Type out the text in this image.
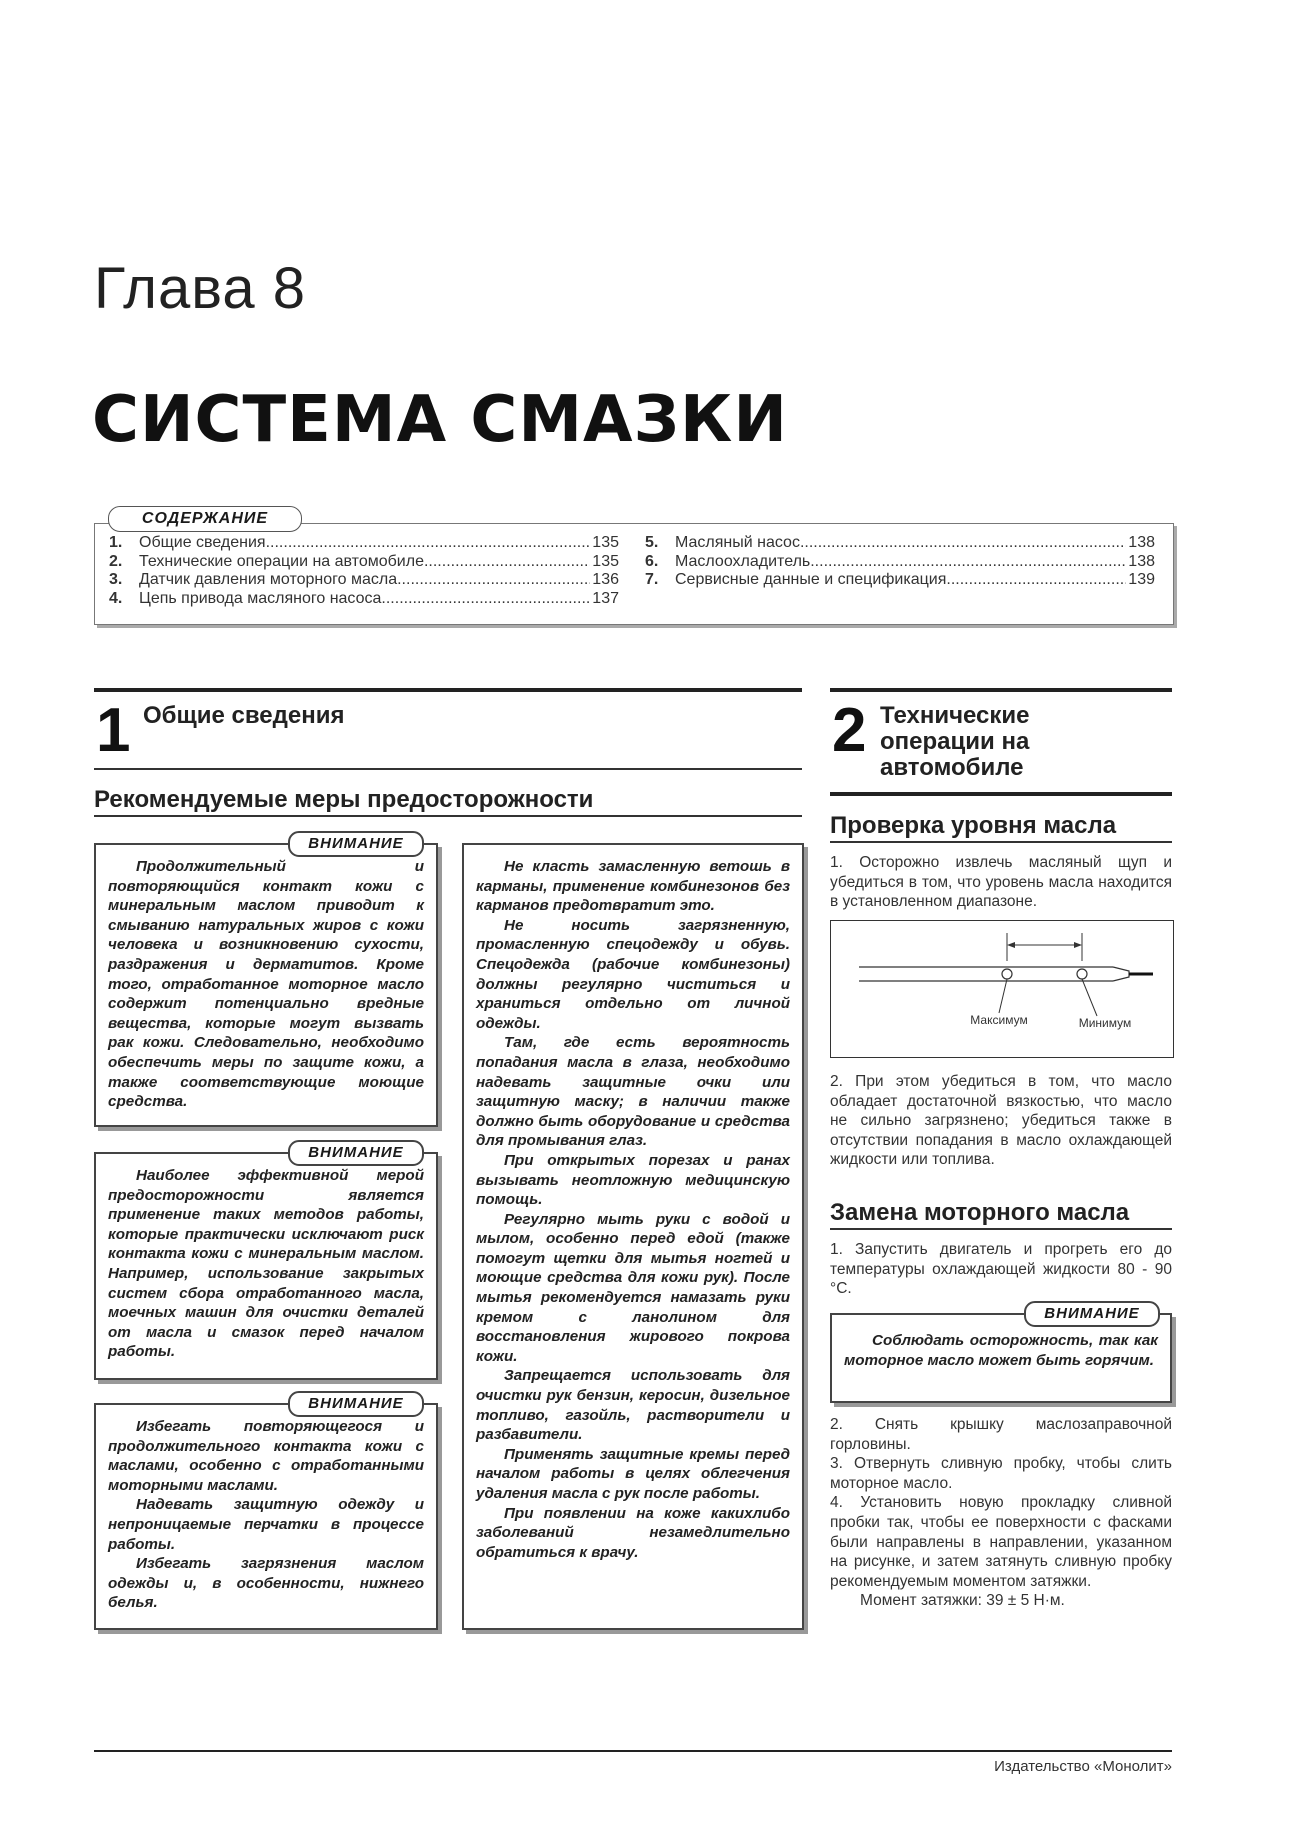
Глава 8
СИСТЕМА СМАЗКИ
1.	Общие сведения .....	135
2.	Технические операции на автомобиле .....	135
3.	Датчик давления моторного масла .....	136
4.	Цепь привода масляного насоса .....	137
5.	Масляный насос .....	138
6.	Маслоохладитель .....	138
7.	Сервисные данные и спецификация .....	139
СОДЕРЖАНИЕ
1 Общие сведения
Рекомендуемые меры предосторожности

Продолжительный и повторяющийся контакт кожи с минеральным маслом приводит к смыванию натуральных жиров с кожи человека и возникновению сухости, раздражения и дерматитов. Кроме того, отработанное моторное масло содержит потенциально вредные вещества, которые могут вызвать рак кожи. Следовательно, необходимо обеспечить меры по защите кожи, а также соответствующие моющие средства.

ВНИМАНИЕ

Наиболее эффективной мерой предосторожности является применение таких методов работы, которые практически исключают риск контакта кожи с минеральным маслом. Например, использование закрытых систем сбора отработанного масла, моечных машин для очистки деталей от масла и смазок перед началом работы.

ВНИМАНИЕ

Избегать повторяющегося и продолжительного контакта кожи с маслами, особенно с отработанными моторными маслами.

Надевать защитную одежду и непроницаемые перчатки в процессе работы.

Избегать загрязнения маслом одежды и, в особенности, нижнего белья.

ВНИМАНИЕ

Не класть замасленную ветошь в карманы, применение комбинезонов без карманов предотвратит это.

Не носить загрязненную, промасленную спецодежду и обувь. Спецодежда (рабочие комбинезоны) должны регулярно чиститься и храниться отдельно от личной одежды.

Там, где есть вероятность попадания масла в глаза, необходимо надевать защитные очки или защитную маску; в наличии также должно быть оборудование и средства для промывания глаз.

При открытых порезах и ранах вызывать неотложную медицинскую помощь.

Регулярно мыть руки с водой и мылом, особенно перед едой (также помогут щетки для мытья ногтей и моющие средства для кожи рук). После мытья рекомендуется намазать руки кремом с ланолином для восстановления жирового покрова кожи.

Запрещается использовать для очистки рук бензин, керосин, дизельное топливо, газойль, растворители и разбавители.

Применять защитные кремы перед началом работы в целях облегчения удаления масла с рук после работы.

При появлении на коже какихлибо заболеваний незамедлительно обратиться к врачу.

2 Технические
операции на
автомобиле
Проверка уровня масла

1. Осторожно извлечь масляный щуп и убедиться в том, что уровень масла находится в установленном диапазоне.

Максимум	Минимум

2. При этом убедиться в том, что масло обладает достаточной вязкостью, что масло не сильно загрязнено; убедиться также в отсутствии попадания в масло охлаждающей жидкости или топлива.

Замена моторного масла

1. Запустить двигатель и прогреть его до температуры охлаждающей жидкости 80 - 90 °С.

Соблюдать осторожность, так как моторное масло может быть горячим.

ВНИМАНИЕ

2. Снять крышку маслозаправочной горловины.

3. Отвернуть сливную пробку, чтобы слить моторное масло.

4. Установить новую прокладку сливной пробки так, чтобы ее поверхности с фасками были направлены в направлении, указанном на рисунке, и затем затянуть сливную пробку рекомендуемым моментом затяжки.

Момент затяжки: 39 ± 5 Н·м.

Издательство «Монолит»
